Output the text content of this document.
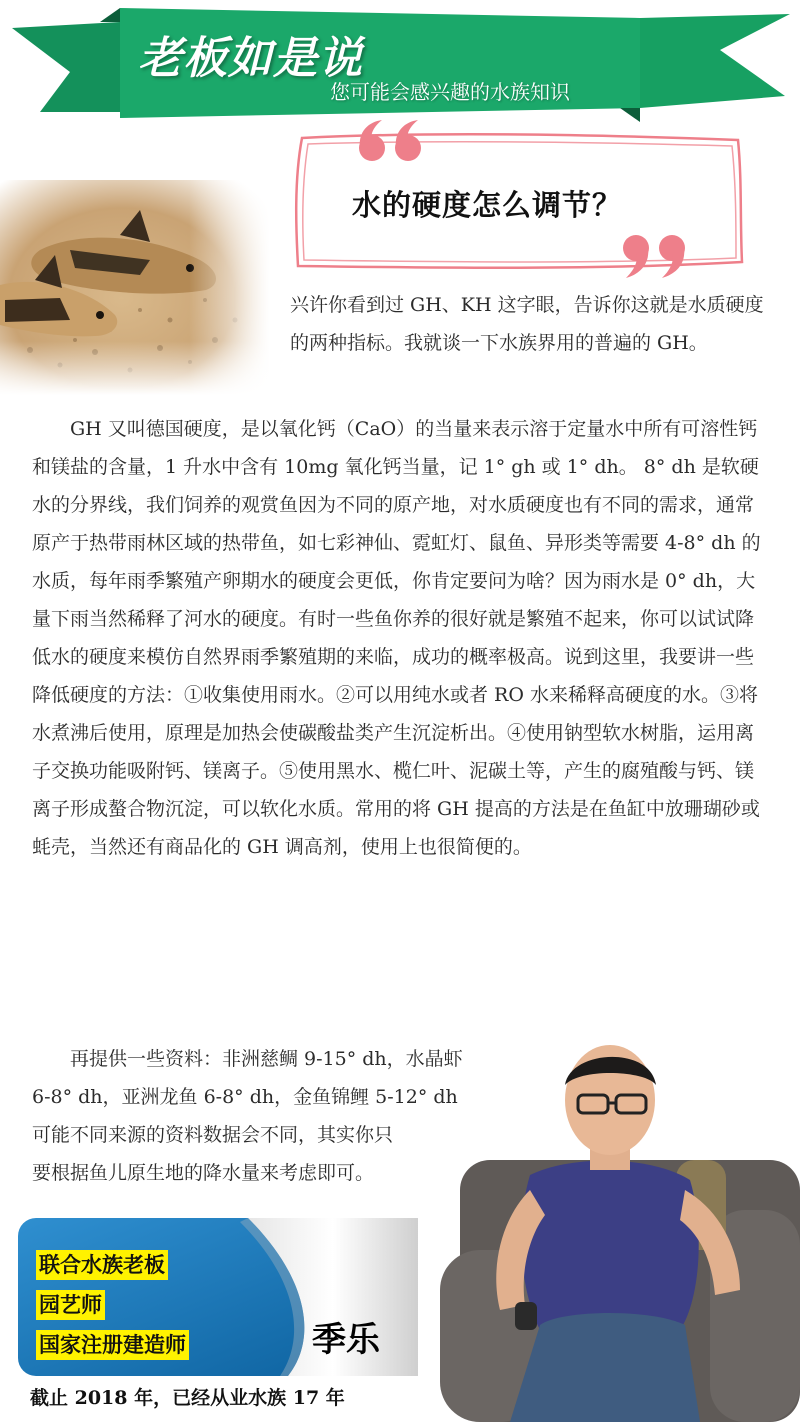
老板如是说
您可能会感兴趣的水族知识
水的硬度怎么调节？

兴许你看到过 GH、KH 这字眼，告诉你这就是水质硬度的两种指标。我就谈一下水族界用的普遍的 GH。

GH 又叫德国硬度，是以氧化钙（CaO）的当量来表示溶于定量水中所有可溶性钙和镁盐的含量，1 升水中含有 10mg 氧化钙当量，记 1° gh 或 1° dh。 8° dh 是软硬水的分界线，我们饲养的观赏鱼因为不同的原产地，对水质硬度也有不同的需求，通常原产于热带雨林区域的热带鱼，如七彩神仙、霓虹灯、鼠鱼、异形类等需要 4-8° dh 的水质，每年雨季繁殖产卵期水的硬度会更低，你肯定要问为啥？因为雨水是 0° dh，大量下雨当然稀释了河水的硬度。有时一些鱼你养的很好就是繁殖不起来，你可以试试降低水的硬度来模仿自然界雨季繁殖期的来临，成功的概率极高。说到这里，我要讲一些降低硬度的方法：①收集使用雨水。②可以用纯水或者 RO 水来稀释高硬度的水。③将水煮沸后使用，原理是加热会使碳酸盐类产生沉淀析出。④使用钠型软水树脂，运用离子交换功能吸附钙、镁离子。⑤使用黑水、榄仁叶、泥碳土等，产生的腐殖酸与钙、镁离子形成螯合物沉淀，可以软化水质。常用的将 GH 提高的方法是在鱼缸中放珊瑚砂或蚝壳，当然还有商品化的 GH 调高剂，使用上也很简便的。

再提供一些资料：非洲慈鲷 9-15° dh，水晶虾

6-8° dh，亚洲龙鱼 6-8° dh，金鱼锦鲤 5-12° dh

可能不同来源的资料数据会不同，其实你只

要根据鱼儿原生地的降水量来考虑即可。

联合水族老板
园艺师
国家注册建造师	季乐
截止 2018 年，已经从业水族 17 年
